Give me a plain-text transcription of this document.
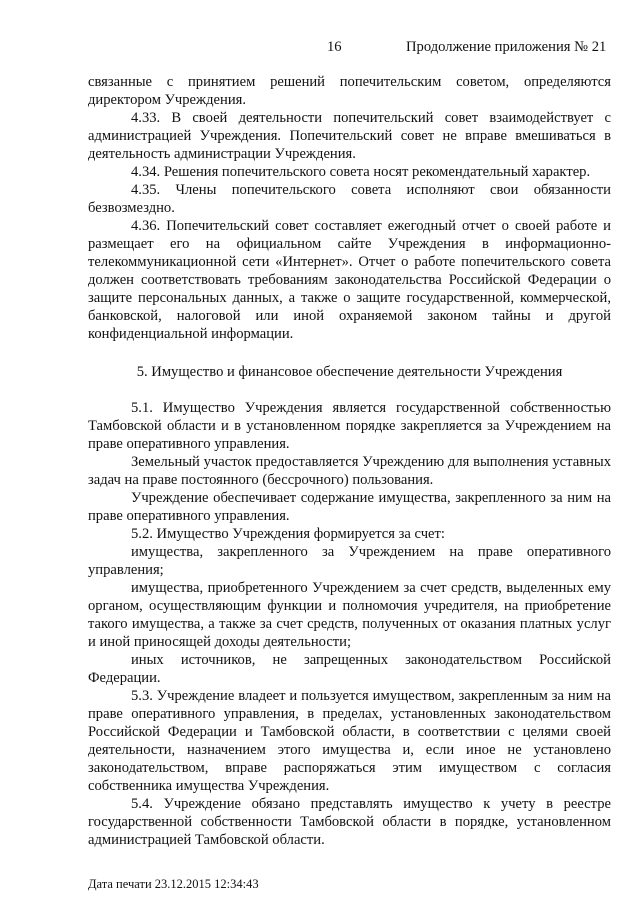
16	Продолжение приложения № 21

связанные с принятием решений попечительским советом, определяются директором Учреждения.

4.33. В своей деятельности попечительский совет взаимодействует с администрацией Учреждения. Попечительский совет не вправе вмешиваться в деятельность администрации Учреждения.

4.34. Решения попечительского совета носят рекомендательный характер.

4.35. Члены попечительского совета исполняют свои обязанности безвозмездно.

4.36. Попечительский совет составляет ежегодный отчет о своей работе и размещает его на официальном сайте Учреждения в информационно-телекоммуникационной сети «Интернет». Отчет о работе попечительского совета должен соответствовать требованиям законодательства Российской Федерации о защите персональных данных, а также о защите государственной, коммерческой, банковской, налоговой или иной охраняемой законом тайны и другой конфиденциальной информации.

5. Имущество и финансовое обеспечение деятельности Учреждения

5.1. Имущество Учреждения является государственной собственностью Тамбовской области и в установленном порядке закрепляется за Учреждением на праве оперативного управления.

Земельный участок предоставляется Учреждению для выполнения уставных задач на праве постоянного (бессрочного) пользования.

Учреждение обеспечивает содержание имущества, закрепленного за ним на праве оперативного управления.

5.2. Имущество Учреждения формируется за счет:

имущества, закрепленного за Учреждением на праве оперативного управления;

имущества, приобретенного Учреждением за счет средств, выделенных ему органом, осуществляющим функции и полномочия учредителя, на приобретение такого имущества, а также за счет средств, полученных от оказания платных услуг и иной приносящей доходы деятельности;

иных источников, не запрещенных законодательством Российской Федерации.

5.3. Учреждение владеет и пользуется имуществом, закрепленным за ним на праве оперативного управления, в пределах, установленных законодательством Российской Федерации и Тамбовской области, в соответствии с целями своей деятельности, назначением этого имущества и, если иное не установлено законодательством, вправе распоряжаться этим имуществом с согласия собственника имущества Учреждения.

5.4. Учреждение обязано представлять имущество к учету в реестре государственной собственности Тамбовской области в порядке, установленном администрацией Тамбовской области.

Дата печати 23.12.2015 12:34:43
